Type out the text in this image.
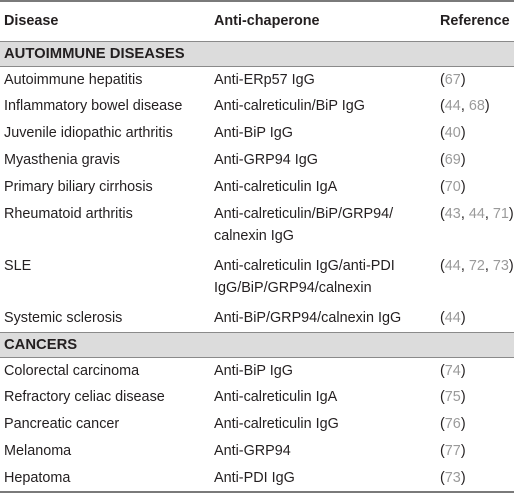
Disease	Anti-chaperone	Reference
AUTOIMMUNE DISEASES		
Autoimmune hepatitis	Anti-ERp57 IgG	(67)
Inflammatory bowel disease	Anti-calreticulin/BiP IgG	(44, 68)
Juvenile idiopathic arthritis	Anti-BiP IgG	(40)
Myasthenia gravis	Anti-GRP94 IgG	(69)
Primary biliary cirrhosis	Anti-calreticulin IgA	(70)
Rheumatoid arthritis	Anti-calreticulin/BiP/GRP94/ calnexin IgG	(43, 44, 71)
SLE	Anti-calreticulin IgG/anti-PDI IgG/BiP/GRP94/calnexin	(44, 72, 73)
Systemic sclerosis	Anti-BiP/GRP94/calnexin IgG	(44)
CANCERS		
Colorectal carcinoma	Anti-BiP IgG	(74)
Refractory celiac disease	Anti-calreticulin IgA	(75)
Pancreatic cancer	Anti-calreticulin IgG	(76)
Melanoma	Anti-GRP94	(77)
Hepatoma	Anti-PDI IgG	(73)
